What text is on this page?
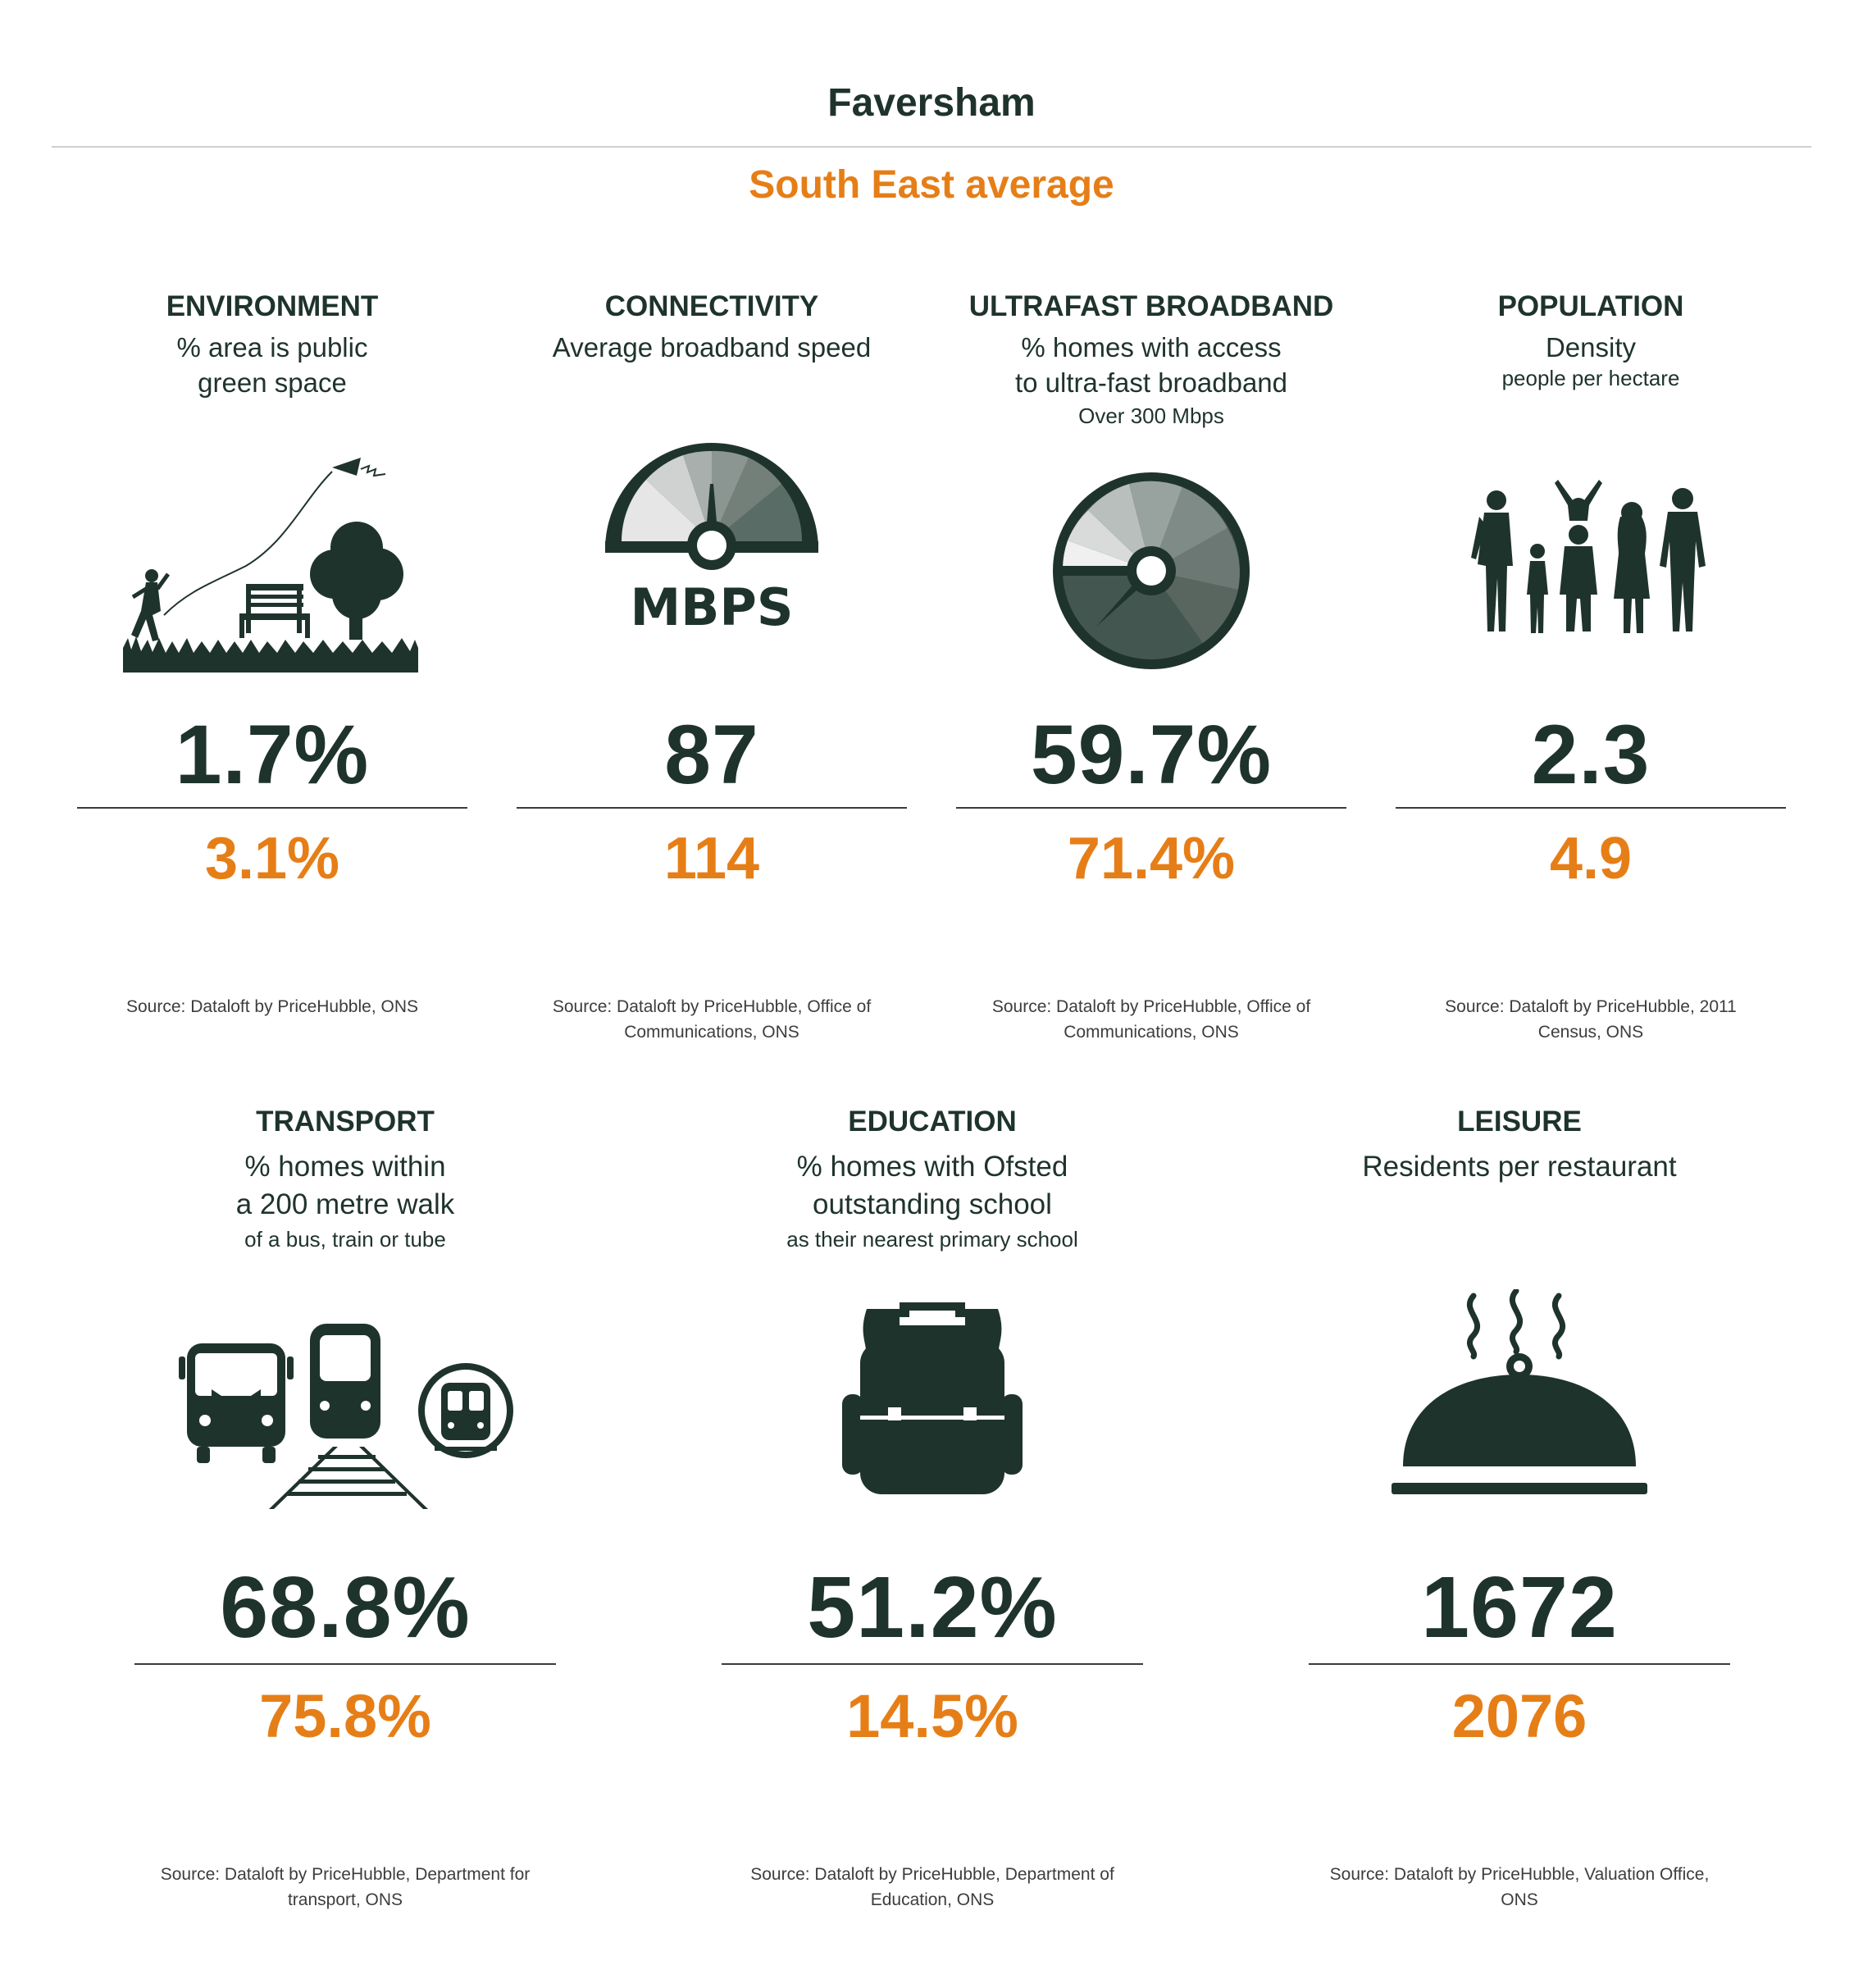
Faversham
South East average
ENVIRONMENT
% area is public
green space
1.7%
3.1%
Source: Dataloft by PriceHubble, ONS
CONNECTIVITY
Average broadband speed
MBPS
87
114
Source: Dataloft by PriceHubble, Office of Communications, ONS
ULTRAFAST BROADBAND
% homes with access
to ultra-fast broadband
Over 300 Mbps
59.7%
71.4%
Source: Dataloft by PriceHubble, Office of Communications, ONS
POPULATION
Density
people per hectare
2.3
4.9
Source: Dataloft by PriceHubble, 2011 Census, ONS
TRANSPORT
% homes within
a 200 metre walk
of a bus, train or tube
68.8%
75.8%
Source: Dataloft by PriceHubble, Department for transport, ONS
EDUCATION
% homes with Ofsted
outstanding school
as their nearest primary school
51.2%
14.5%
Source: Dataloft by PriceHubble, Department of Education, ONS
LEISURE
Residents per restaurant
1672
2076
Source: Dataloft by PriceHubble, Valuation Office, ONS
